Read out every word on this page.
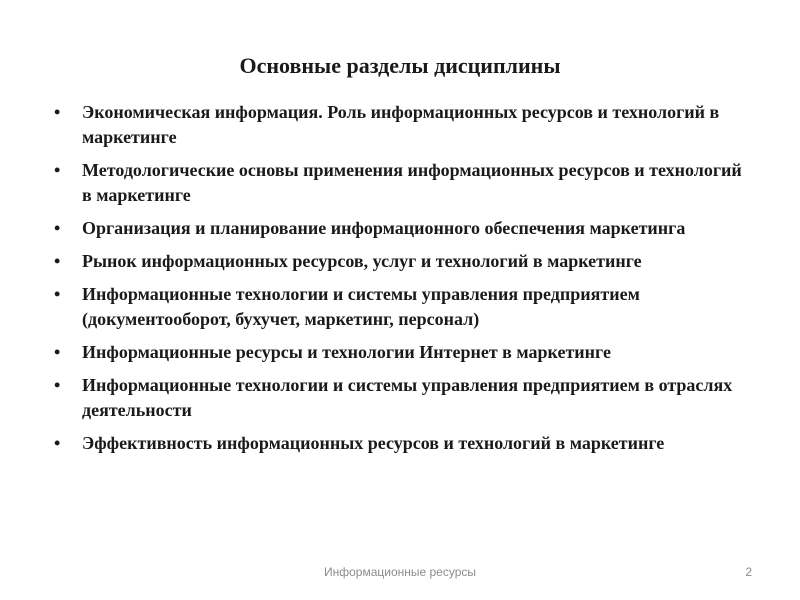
Основные разделы дисциплины
• Экономическая информация. Роль информационных ресурсов и технологий в маркетинге
• Методологические основы применения информационных ресурсов и технологий в маркетинге
• Организация и планирование информационного обеспечения маркетинга
• Рынок информационных ресурсов, услуг и технологий в маркетинге
• Информационные технологии и системы управления предприятием (документооборот, бухучет, маркетинг, персонал)
• Информационные ресурсы и технологии Интернет в маркетинге
• Информационные технологии и системы управления предприятием в отраслях деятельности
• Эффективность информационных ресурсов и технологий в маркетинге
Информационные ресурсы	2
